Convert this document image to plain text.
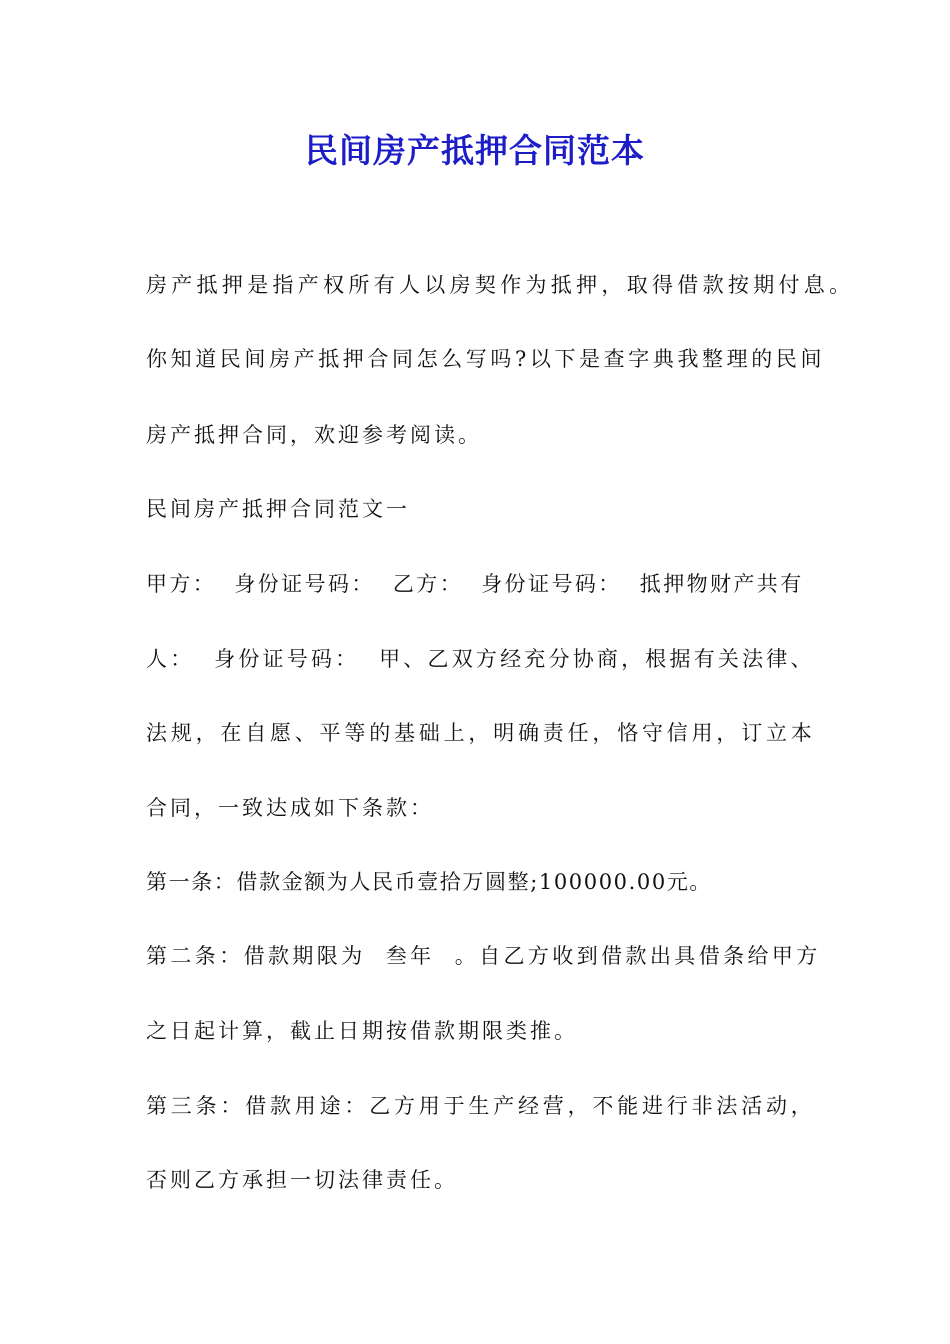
民间房产抵押合同范本
房产抵押是指产权所有人以房契作为抵押，取得借款按期付息。
你知道民间房产抵押合同怎么写吗?以下是查字典我整理的民间
房产抵押合同，欢迎参考阅读。
民间房产抵押合同范文一
甲方：  身份证号码：  乙方：  身份证号码：  抵押物财产共有
人：  身份证号码：  甲、乙双方经充分协商，根据有关法律、
法规，在自愿、平等的基础上，明确责任，恪守信用，订立本
合同，一致达成如下条款：
第一条：借款金额为人民币壹拾万圆整;100000.00元。
第二条：借款期限为  叁年  。自乙方收到借款出具借条给甲方
之日起计算，截止日期按借款期限类推。
第三条：借款用途：乙方用于生产经营，不能进行非法活动，
否则乙方承担一切法律责任。
